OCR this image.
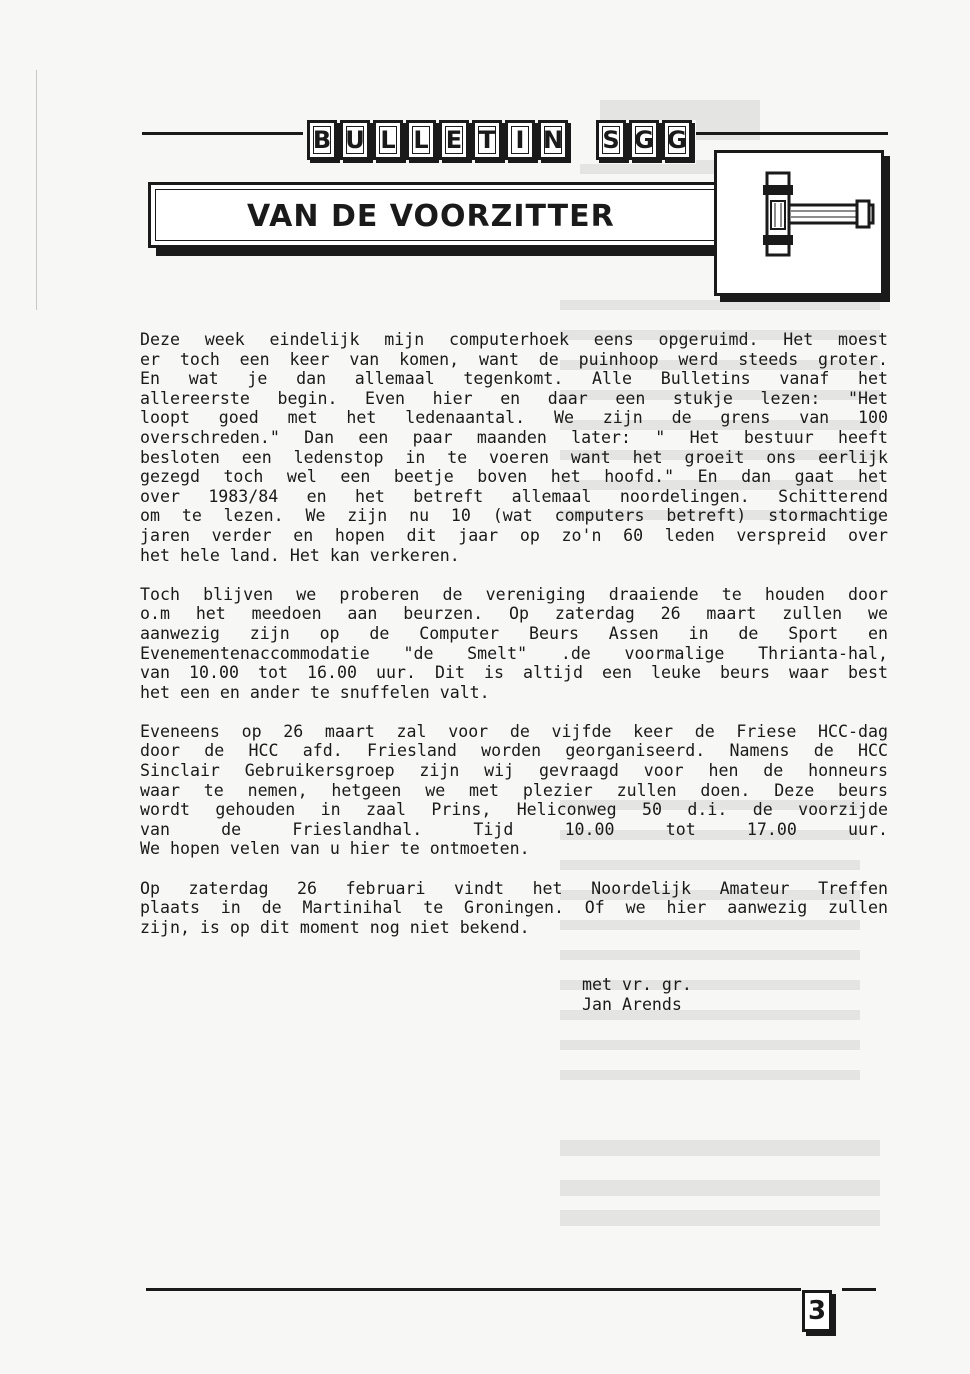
B U L L E T I N S G G
VAN DE VOORZITTER
Deze week eindelijk mijn computerhoek eens opgeruimd. Het moest
er toch een keer van komen, want de puinhoop werd steeds groter.
En wat je dan allemaal tegenkomt. Alle Bulletins vanaf het
allereerste begin. Even hier en daar een stukje lezen: "Het
loopt goed met het ledenaantal. We zijn de grens van 100
overschreden." Dan een paar maanden later: " Het bestuur heeft
besloten een ledenstop in te voeren want het groeit ons eerlijk
gezegd toch wel een beetje boven het hoofd." En dan gaat het
over 1983/84 en het betreft allemaal noordelingen. Schitterend
om te lezen. We zijn nu 10 (wat computers betreft) stormachtige
jaren verder en hopen dit jaar op zo'n 60 leden verspreid over
het hele land. Het kan verkeren.
Toch blijven we proberen de vereniging draaiende te houden door
o.m het meedoen aan beurzen. Op zaterdag 26 maart zullen we
aanwezig zijn op de Computer Beurs Assen in de Sport en
Evenementenaccommodatie "de Smelt" .de voormalige Thrianta-hal,
van 10.00 tot 16.00 uur. Dit is altijd een leuke beurs waar best
het een en ander te snuffelen valt.
Eveneens op 26 maart zal voor de vijfde keer de Friese HCC-dag
door de HCC afd. Friesland worden georganiseerd. Namens de HCC
Sinclair Gebruikersgroep zijn wij gevraagd voor hen de honneurs
waar te nemen, hetgeen we met plezier zullen doen. Deze beurs
wordt gehouden in zaal Prins, Heliconweg 50 d.i. de voorzijde
van de Frieslandhal. Tijd 10.00 tot 17.00 uur.
We hopen velen van u hier te ontmoeten.
Op zaterdag 26 februari vindt het Noordelijk Amateur Treffen
plaats in de Martinihal te Groningen. Of we hier aanwezig zullen
zijn, is op dit moment nog niet bekend.
met vr. gr.
Jan Arends
3
